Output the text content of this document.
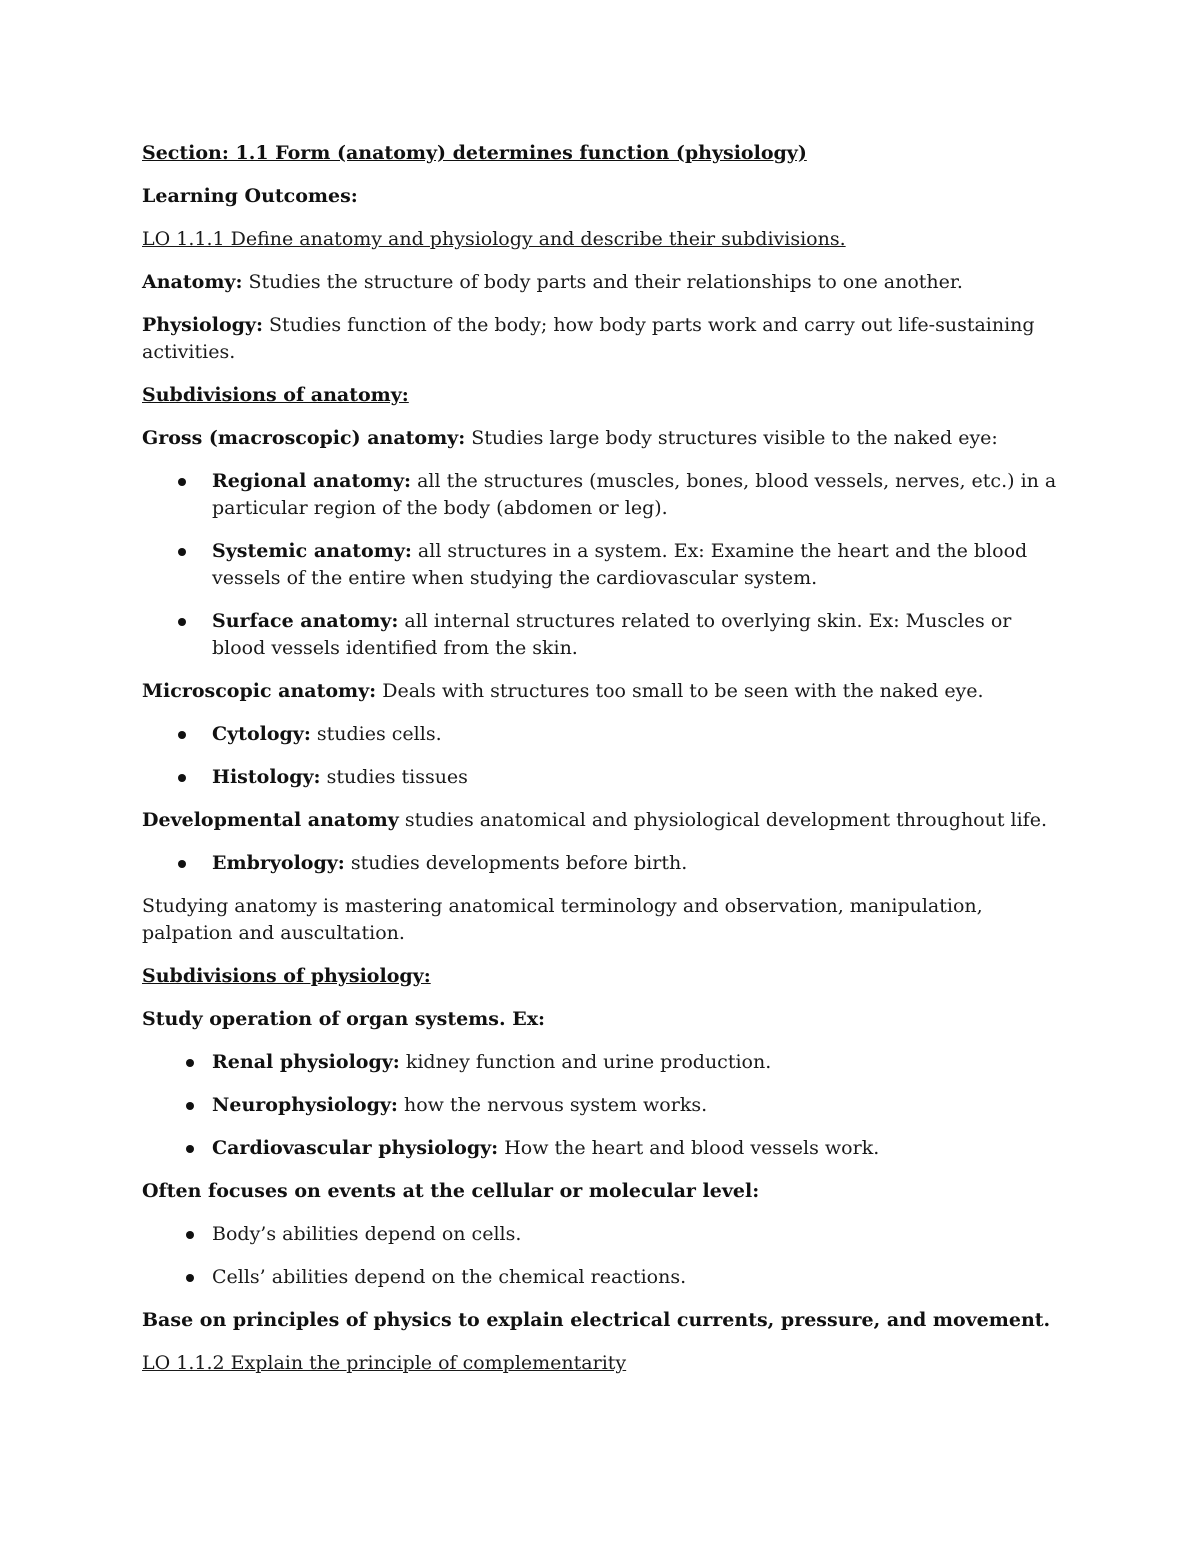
Section: 1.1 Form (anatomy) determines function (physiology)

Learning Outcomes:

LO 1.1.1 Define anatomy and physiology and describe their subdivisions.

Anatomy: Studies the structure of body parts and their relationships to one another.

Physiology: Studies function of the body; how body parts work and carry out life-sustaining activities.

Subdivisions of anatomy:

Gross (macroscopic) anatomy: Studies large body structures visible to the naked eye:

Regional anatomy: all the structures (muscles, bones, blood vessels, nerves, etc.) in a particular region of the body (abdomen or leg).
Systemic anatomy: all structures in a system. Ex: Examine the heart and the blood vessels of the entire when studying the cardiovascular system.
Surface anatomy: all internal structures related to overlying skin. Ex: Muscles or blood vessels identified from the skin.

Microscopic anatomy: Deals with structures too small to be seen with the naked eye.

Cytology: studies cells.
Histology: studies tissues

Developmental anatomy studies anatomical and physiological development throughout life.

Embryology: studies developments before birth.

Studying anatomy is mastering anatomical terminology and observation, manipulation, palpation and auscultation.

Subdivisions of physiology:

Study operation of organ systems. Ex:

Renal physiology: kidney function and urine production.
Neurophysiology: how the nervous system works.
Cardiovascular physiology: How the heart and blood vessels work.

Often focuses on events at the cellular or molecular level:

Body’s abilities depend on cells.
Cells’ abilities depend on the chemical reactions.

Base on principles of physics to explain electrical currents, pressure, and movement.

LO 1.1.2 Explain the principle of complementarity
